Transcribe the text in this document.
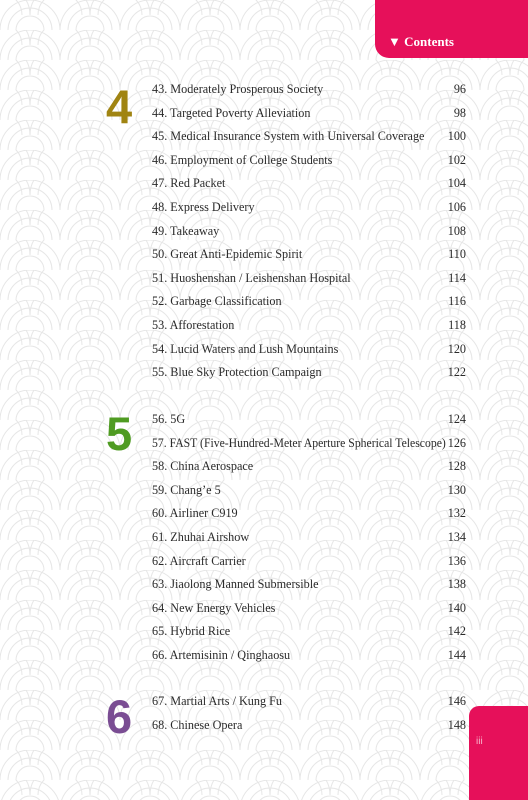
▼ Contents
iii
4
5
6
43. Moderately Prosperous Society	96
44. Targeted Poverty Alleviation	98
45. Medical Insurance System with Universal Coverage 100
46. Employment of College Students	102
47. Red Packet	104
48. Express Delivery	106
49. Takeaway	108
50. Great Anti-Epidemic Spirit	110
51. Huoshenshan / Leishenshan Hospital	114
52. Garbage Classification	116
53. Afforestation	118
54. Lucid Waters and Lush Mountains	120
55. Blue Sky Protection Campaign	122
56. 5G	124
57. FAST (Five-Hundred-Meter Aperture Spherical Telescope) 126
58. China Aerospace	128
59. Chang’e 5	130
60. Airliner C919	132
61. Zhuhai Airshow	134
62. Aircraft Carrier	136
63. Jiaolong Manned Submersible	138
64. New Energy Vehicles	140
65. Hybrid Rice	142
66. Artemisinin / Qinghaosu	144
67. Martial Arts / Kung Fu	146
68. Chinese Opera	148
